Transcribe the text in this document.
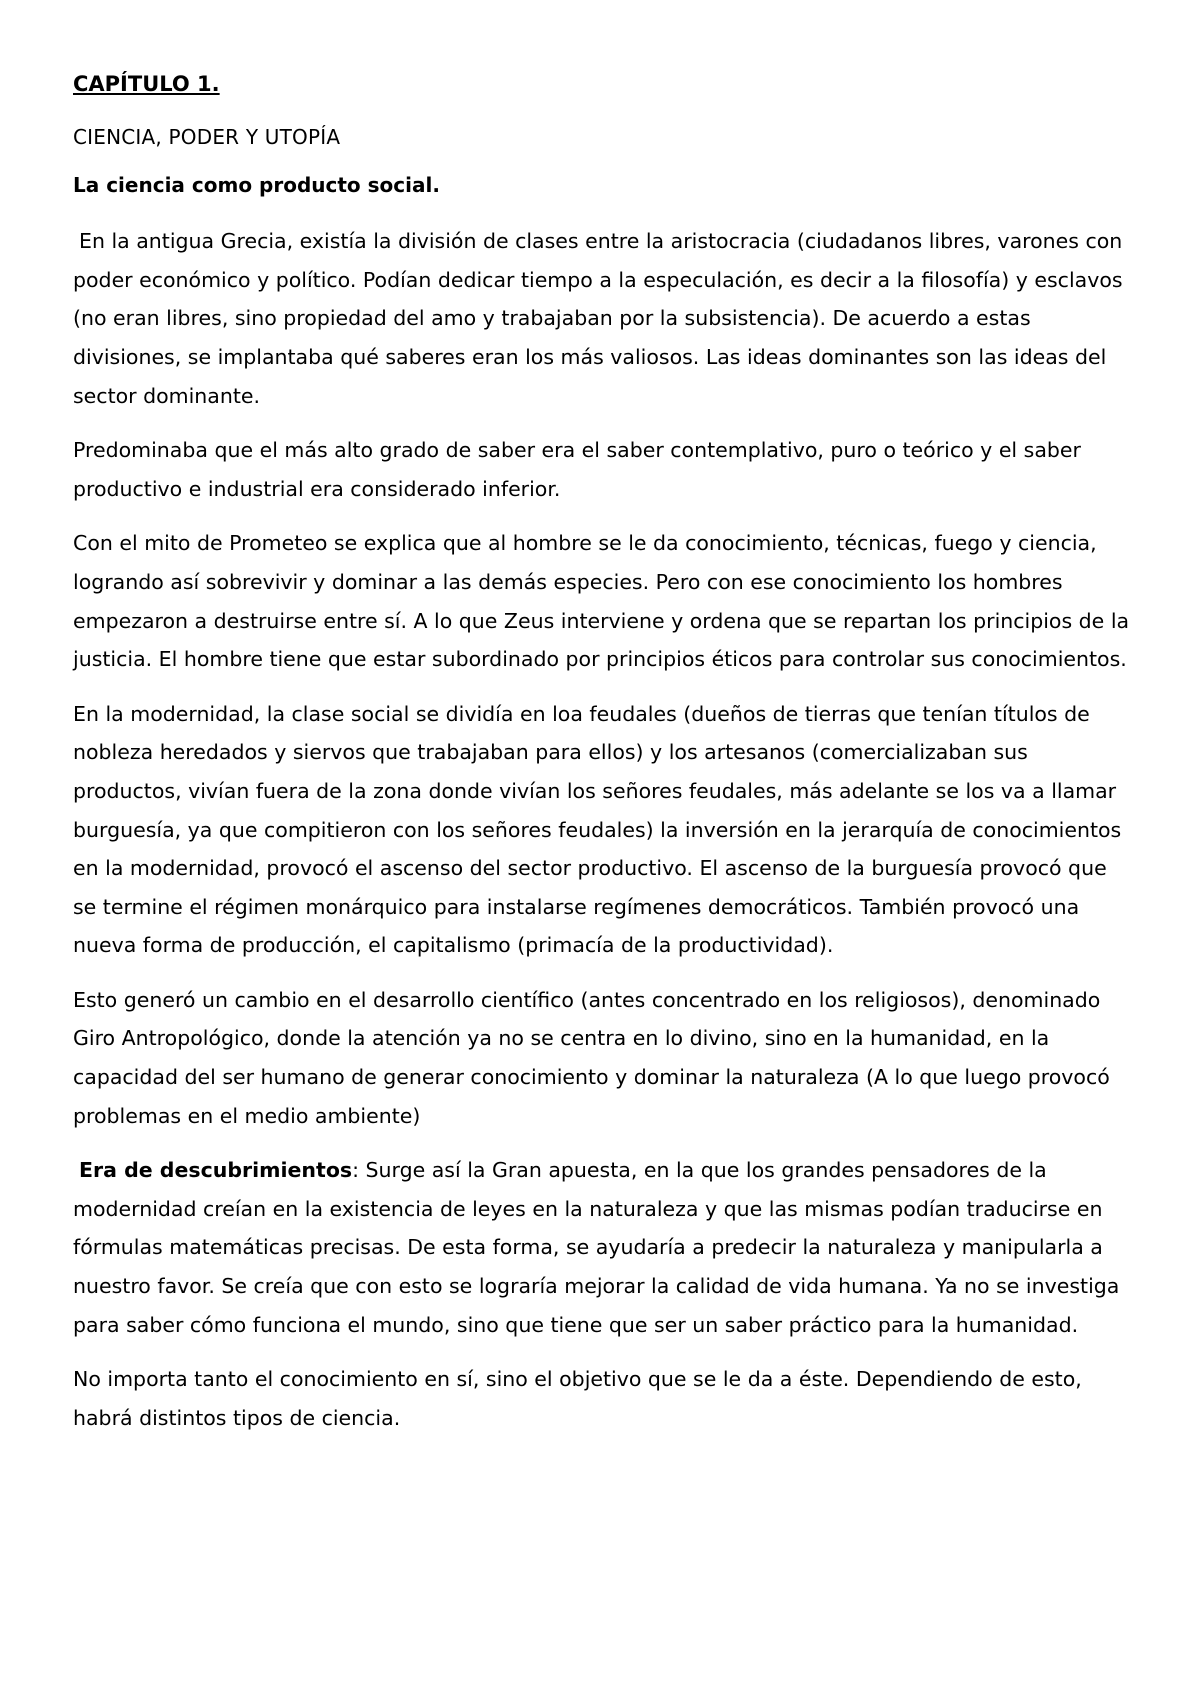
CAPÍTULO 1.
CIENCIA, PODER Y UTOPÍA
La ciencia como producto social.

En la antigua Grecia, existía la división de clases entre la aristocracia (ciudadanos libres, varones con poder económico y político. Podían dedicar tiempo a la especulación, es decir a la filosofía) y esclavos (no eran libres, sino propiedad del amo y trabajaban por la subsistencia). De acuerdo a estas divisiones, se implantaba qué saberes eran los más valiosos. Las ideas dominantes son las ideas del sector dominante.

Predominaba que el más alto grado de saber era el saber contemplativo, puro o teórico y el saber productivo e industrial era considerado inferior.

Con el mito de Prometeo se explica que al hombre se le da conocimiento, técnicas, fuego y ciencia, logrando así sobrevivir y dominar a las demás especies. Pero con ese conocimiento los hombres empezaron a destruirse entre sí. A lo que Zeus interviene y ordena que se repartan los principios de la justicia. El hombre tiene que estar subordinado por principios éticos para controlar sus conocimientos.

En la modernidad, la clase social se dividía en loa feudales (dueños de tierras que tenían títulos de nobleza heredados y siervos que trabajaban para ellos) y los artesanos (comercializaban sus productos, vivían fuera de la zona donde vivían los señores feudales, más adelante se los va a llamar burguesía, ya que compitieron con los señores feudales) la inversión en la jerarquía de conocimientos en la modernidad, provocó el ascenso del sector productivo. El ascenso de la burguesía provocó que se termine el régimen monárquico para instalarse regímenes democráticos. También provocó una nueva forma de producción, el capitalismo (primacía de la productividad).

Esto generó un cambio en el desarrollo científico (antes concentrado en los religiosos), denominado Giro Antropológico, donde la atención ya no se centra en lo divino, sino en la humanidad, en la capacidad del ser humano de generar conocimiento y dominar la naturaleza (A lo que luego provocó problemas en el medio ambiente)

Era de descubrimientos: Surge así la Gran apuesta, en la que los grandes pensadores de la modernidad creían en la existencia de leyes en la naturaleza y que las mismas podían traducirse en fórmulas matemáticas precisas. De esta forma, se ayudaría a predecir la naturaleza y manipularla a nuestro favor. Se creía que con esto se lograría mejorar la calidad de vida humana. Ya no se investiga para saber cómo funciona el mundo, sino que tiene que ser un saber práctico para la humanidad.

No importa tanto el conocimiento en sí, sino el objetivo que se le da a éste. Dependiendo de esto, habrá distintos tipos de ciencia.
